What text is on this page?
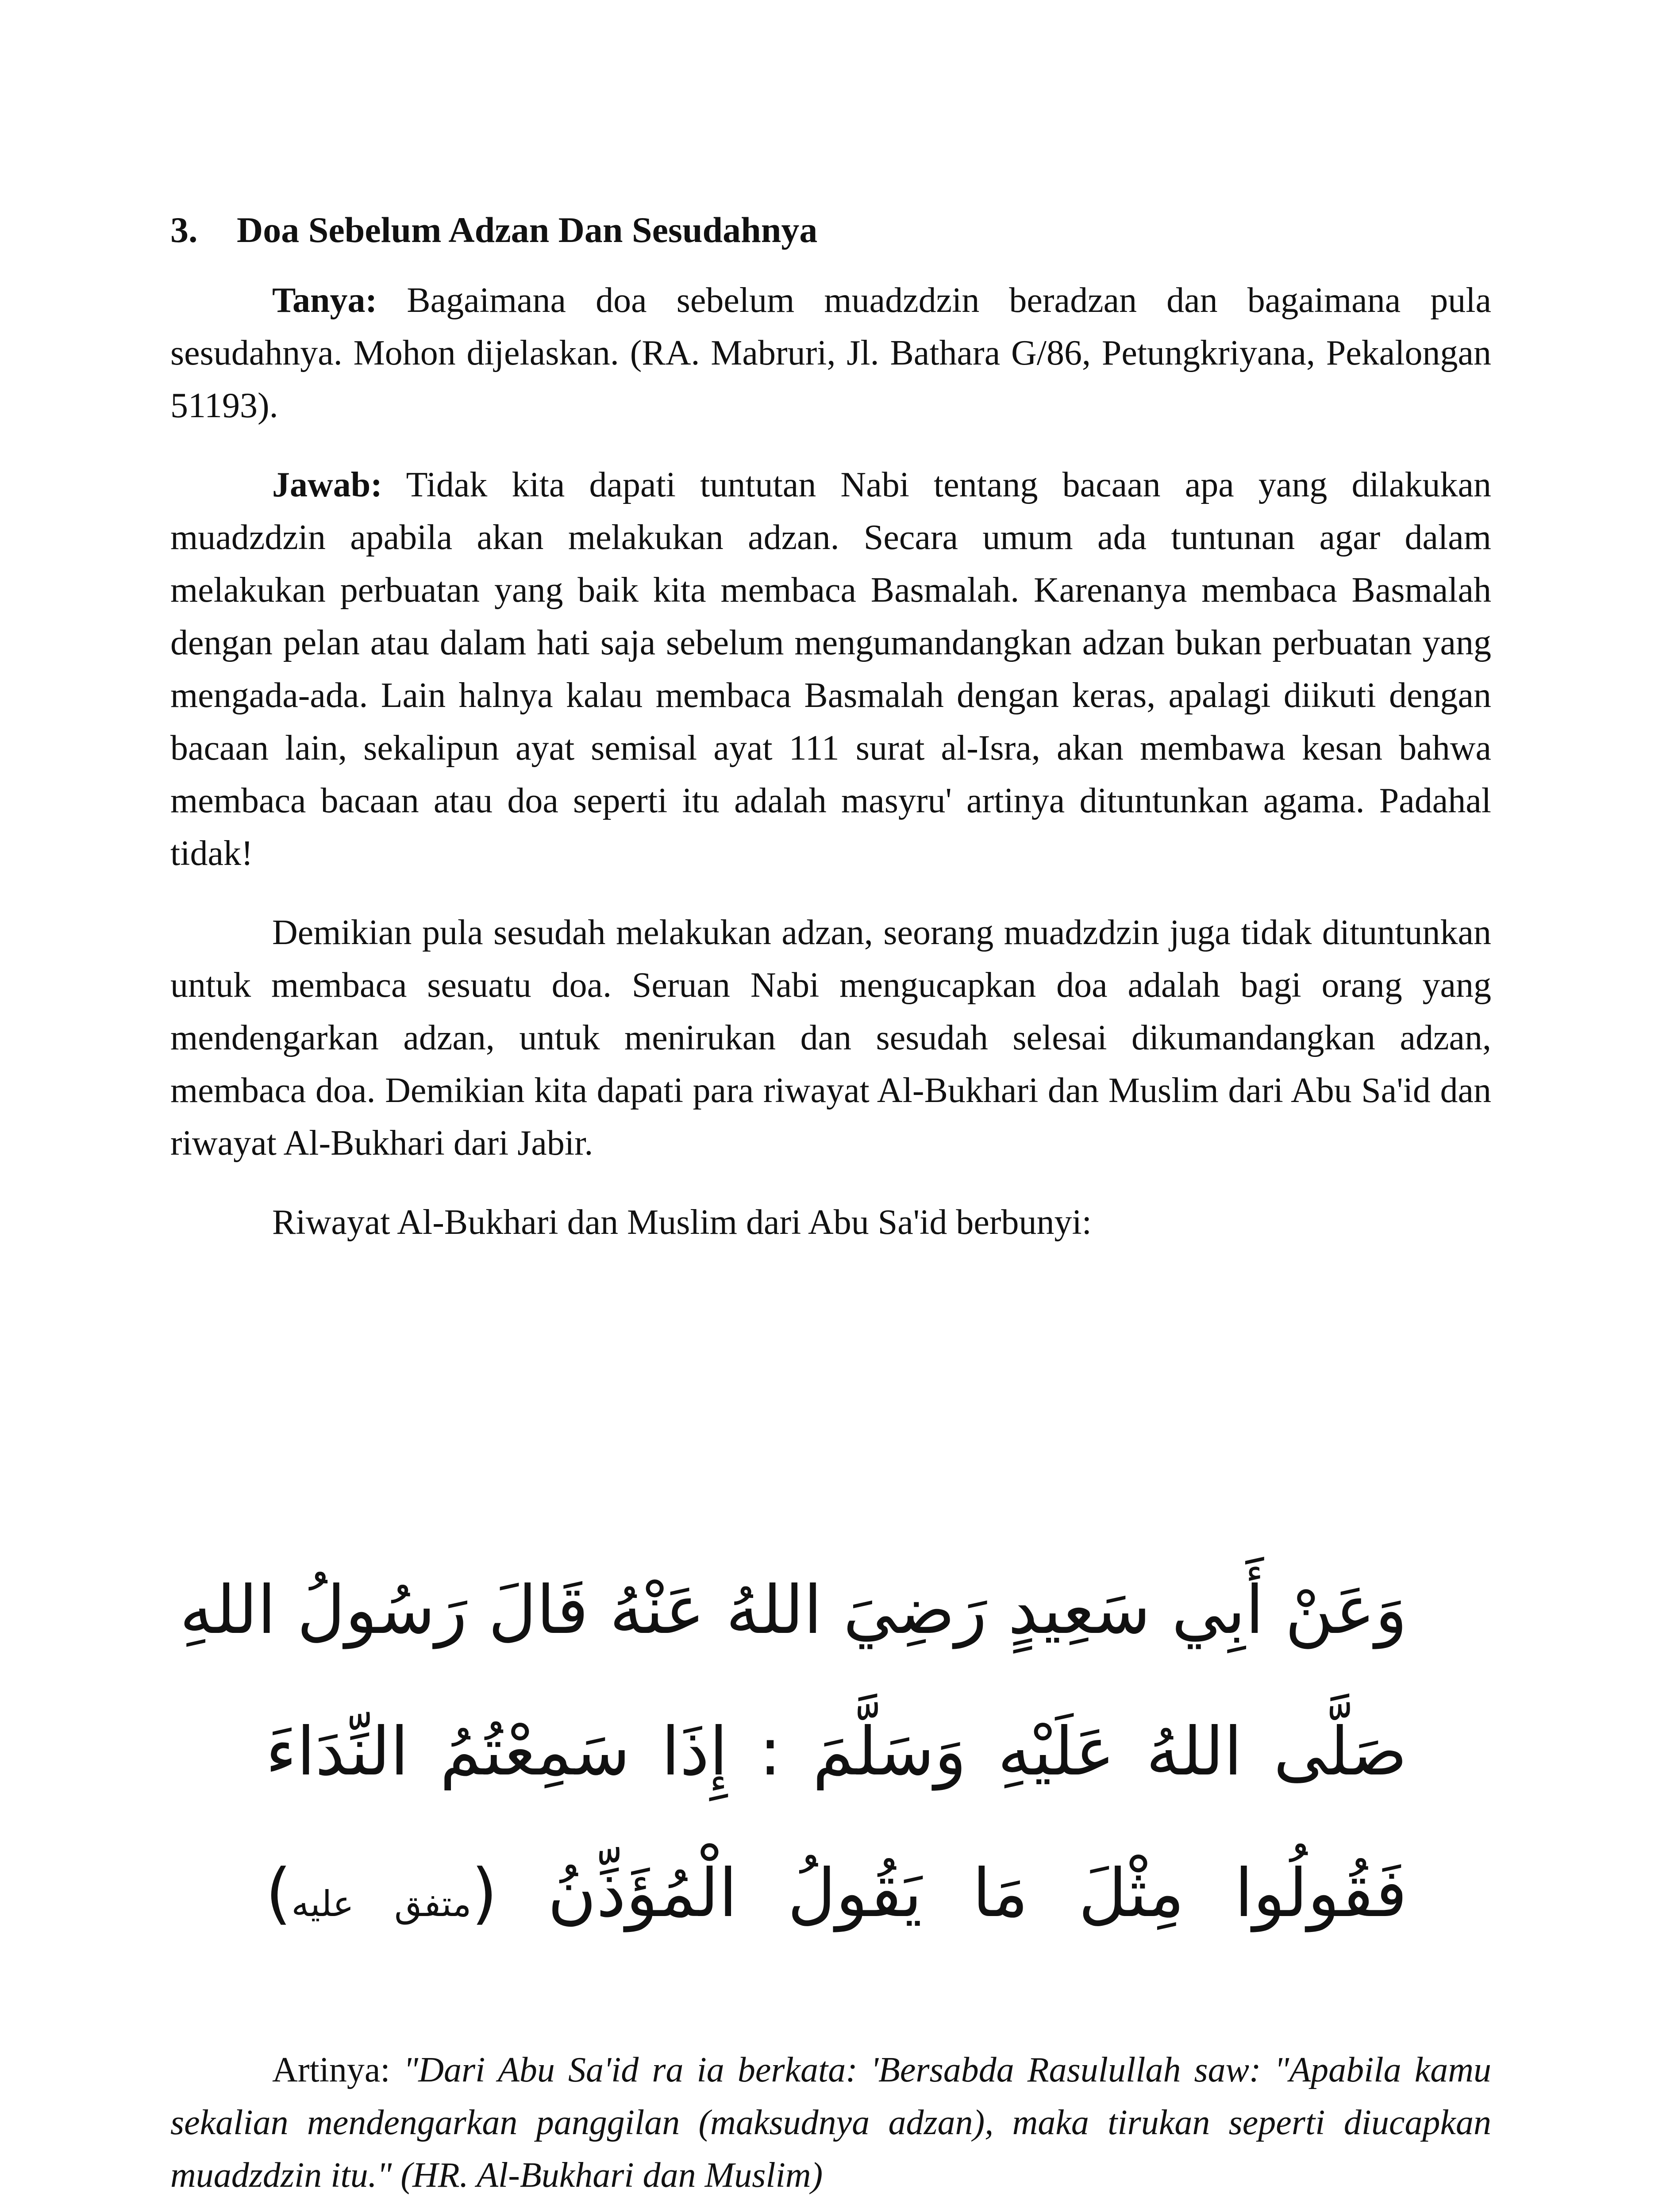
3. Doa Sebelum Adzan Dan Sesudahnya

Tanya: Bagaimana doa sebelum muadzdzin beradzan dan bagaimana pula sesudahnya. Mohon dijelaskan. (RA. Mabruri, Jl. Bathara G/86, Petungkriyana, Pekalongan 51193).

Jawab: Tidak kita dapati tuntutan Nabi tentang bacaan apa yang dilakukan muadzdzin apabila akan melakukan adzan. Secara umum ada tuntunan agar dalam melakukan perbuatan yang baik kita membaca Basmalah. Karenanya membaca Basmalah dengan pelan atau dalam hati saja sebelum mengumandangkan adzan bukan perbuatan yang mengada-ada. Lain halnya kalau membaca Basmalah dengan keras, apalagi diikuti dengan bacaan lain, sekalipun ayat semisal ayat 111 surat al-Isra, akan membawa kesan bahwa membaca bacaan atau doa seperti itu adalah masyru' artinya dituntunkan agama. Padahal tidak!

Demikian pula sesudah melakukan adzan, seorang muadzdzin juga tidak dituntunkan untuk membaca sesuatu doa. Seruan Nabi mengucapkan doa adalah bagi orang yang mendengarkan adzan, untuk menirukan dan sesudah selesai dikumandangkan adzan, membaca doa. Demikian kita dapati para riwayat Al-Bukhari dan Muslim dari Abu Sa'id dan riwayat Al-Bukhari dari Jabir.

Riwayat Al-Bukhari dan Muslim dari Abu Sa'id berbunyi:

وَعَنْ أَبِي سَعِيدٍ رَضِيَ اللهُ عَنْهُ قَالَ رَسُولُ اللهِ
صَلَّى اللهُ عَلَيْهِ وَسَلَّمَ : إِذَا سَمِعْتُمُ النِّدَاءَ
فَقُولُوا مِثْلَ مَا يَقُولُ الْمُؤَذِّنُ (متفق عليه)

Artinya: "Dari Abu Sa'id ra ia berkata: 'Bersabda Rasulullah saw: "Apabila kamu sekalian mendengarkan panggilan (maksudnya adzan), maka tirukan seperti diucapkan muadzdzin itu." (HR. Al-Bukhari dan Muslim)
